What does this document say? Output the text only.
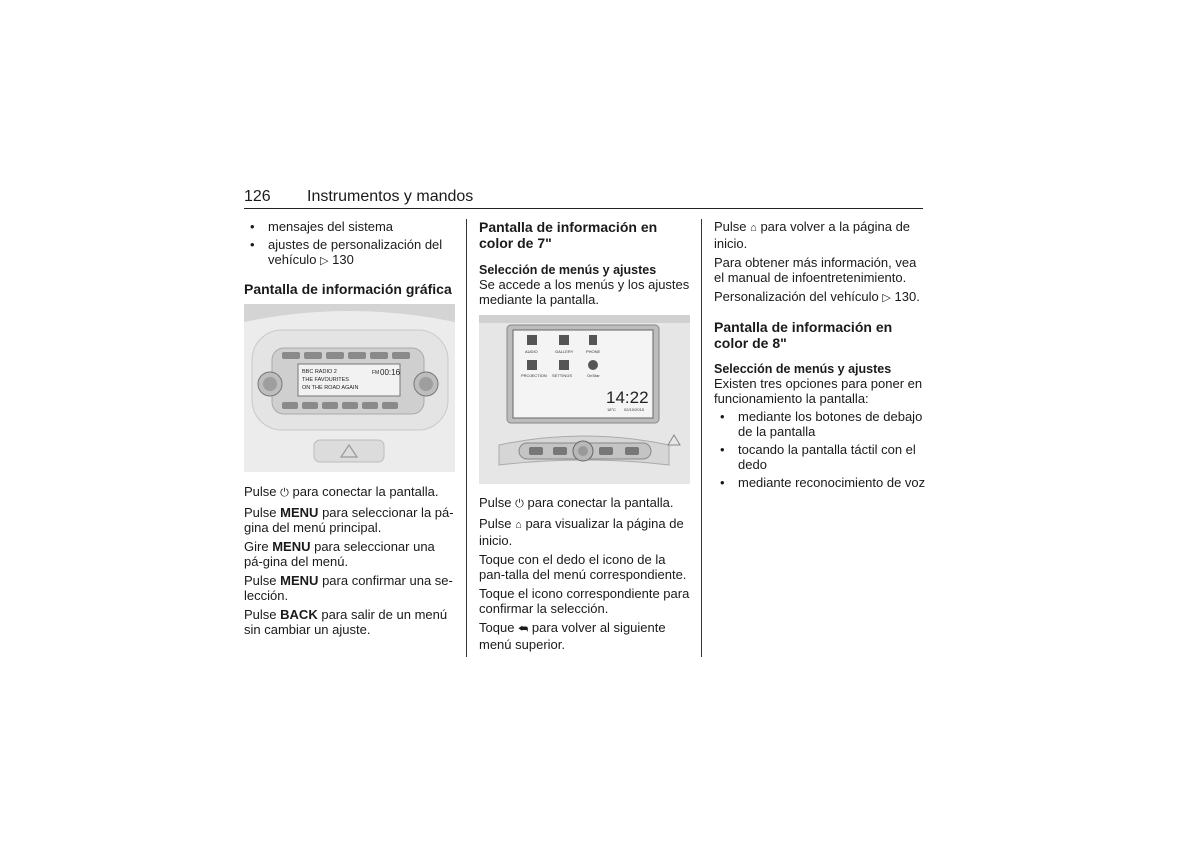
126 Instrumentos y mandos
• mensajes del sistema
• ajustes de personalización del vehículo ▷ 130
Pantalla de información gráfica
BBC RADIO 2
THE FAVOURITES
ON THE ROAD AGAIN
FM 00:16

Pulse ⏻ para conectar la pantalla.

Pulse MENU para seleccionar la pá-gina del menú principal.

Gire MENU para seleccionar una pá-gina del menú.

Pulse MENU para confirmar una se-lección.

Pulse BACK para salir de un menú sin cambiar un ajuste.

Pantalla de información en color de 7"
Selección de menús y ajustes

Se accede a los menús y los ajustes mediante la pantalla.

AUDIO	GALLERY	PHONE
PROJECTION SETTINGS	OnStar
14:22
18°C 02/10/2015

Pulse ⏻ para conectar la pantalla.

Pulse ⌂ para visualizar la página de inicio.

Toque con el dedo el icono de la pan-talla del menú correspondiente.

Toque el icono correspondiente para confirmar la selección.

Toque ⮪ para volver al siguiente menú superior.

Pulse ⌂ para volver a la página de inicio.

Para obtener más información, vea el manual de infoentretenimiento.

Personalización del vehículo ▷ 130.

Pantalla de información en color de 8"
Selección de menús y ajustes

Existen tres opciones para poner en funcionamiento la pantalla:

• mediante los botones de debajo de la pantalla
• tocando la pantalla táctil con el dedo
• mediante reconocimiento de voz
